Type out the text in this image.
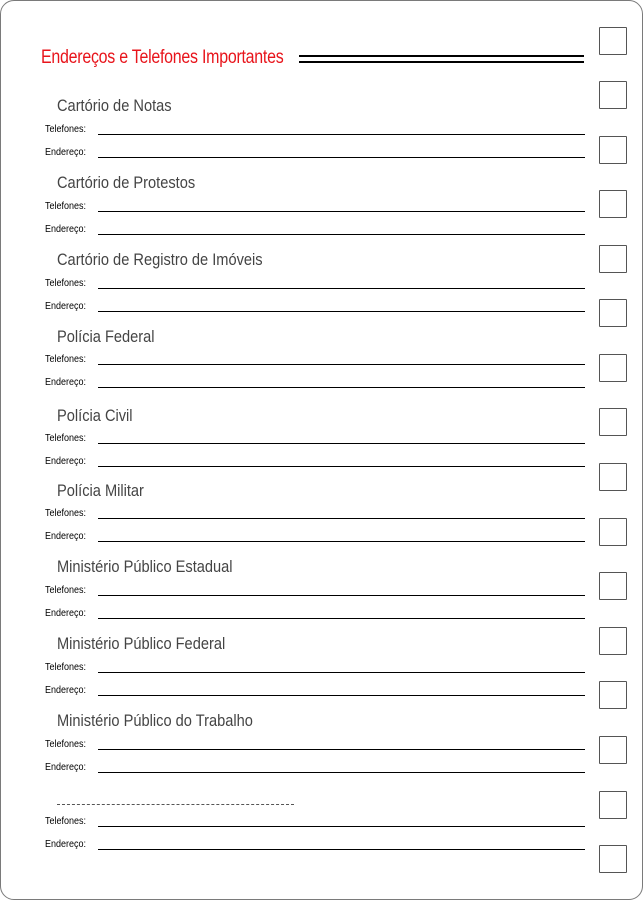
Endereços e Telefones Importantes
Cartório de Notas
Telefones:
Endereço:
Cartório de Protestos
Telefones:
Endereço:
Cartório de Registro de Imóveis
Telefones:
Endereço:
Polícia Federal
Telefones:
Endereço:
Polícia Civil
Telefones:
Endereço:
Polícia Militar
Telefones:
Endereço:
Ministério Público Estadual
Telefones:
Endereço:
Ministério Público Federal
Telefones:
Endereço:
Ministério Público do Trabalho
Telefones:
Endereço:
Telefones:
Endereço:
